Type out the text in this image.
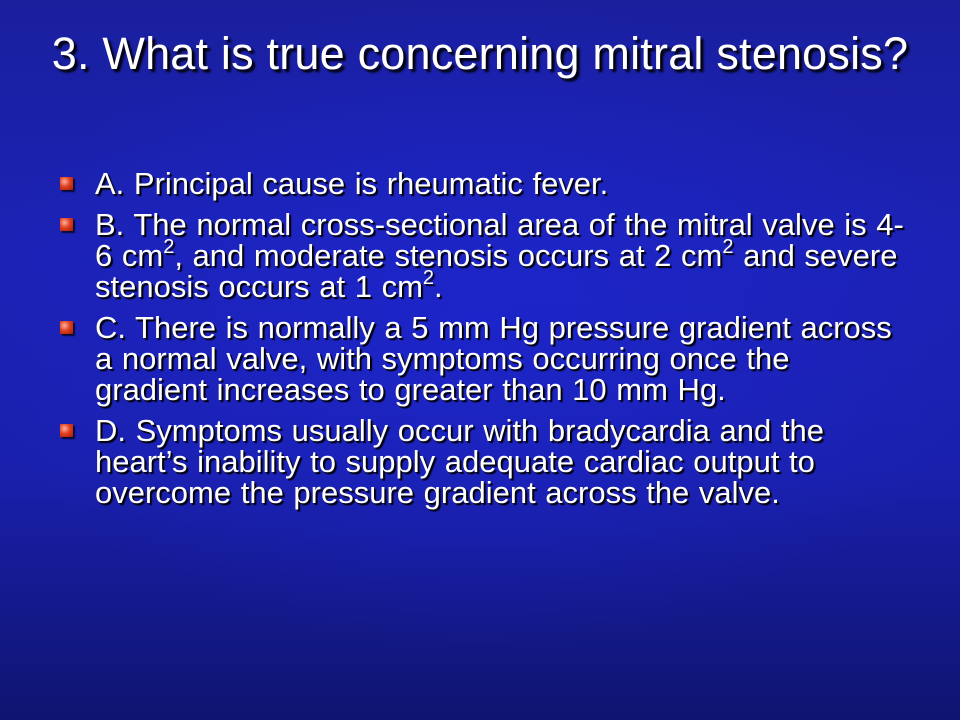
3. What is true concerning mitral stenosis?
A. Principal cause is rheumatic fever.
B. The normal cross-sectional area of the mitral valve is 4-6 $cm^2$, and moderate stenosis occurs at 2 $cm^2$ and severe stenosis occurs at 1 $cm^2$.
C. There is normally a 5 mm Hg pressure gradient across a normal valve, with symptoms occurring once the gradient increases to greater than 10 mm Hg.
D. Symptoms usually occur with bradycardia and the heart’s inability to supply adequate cardiac output to overcome the pressure gradient across the valve.
